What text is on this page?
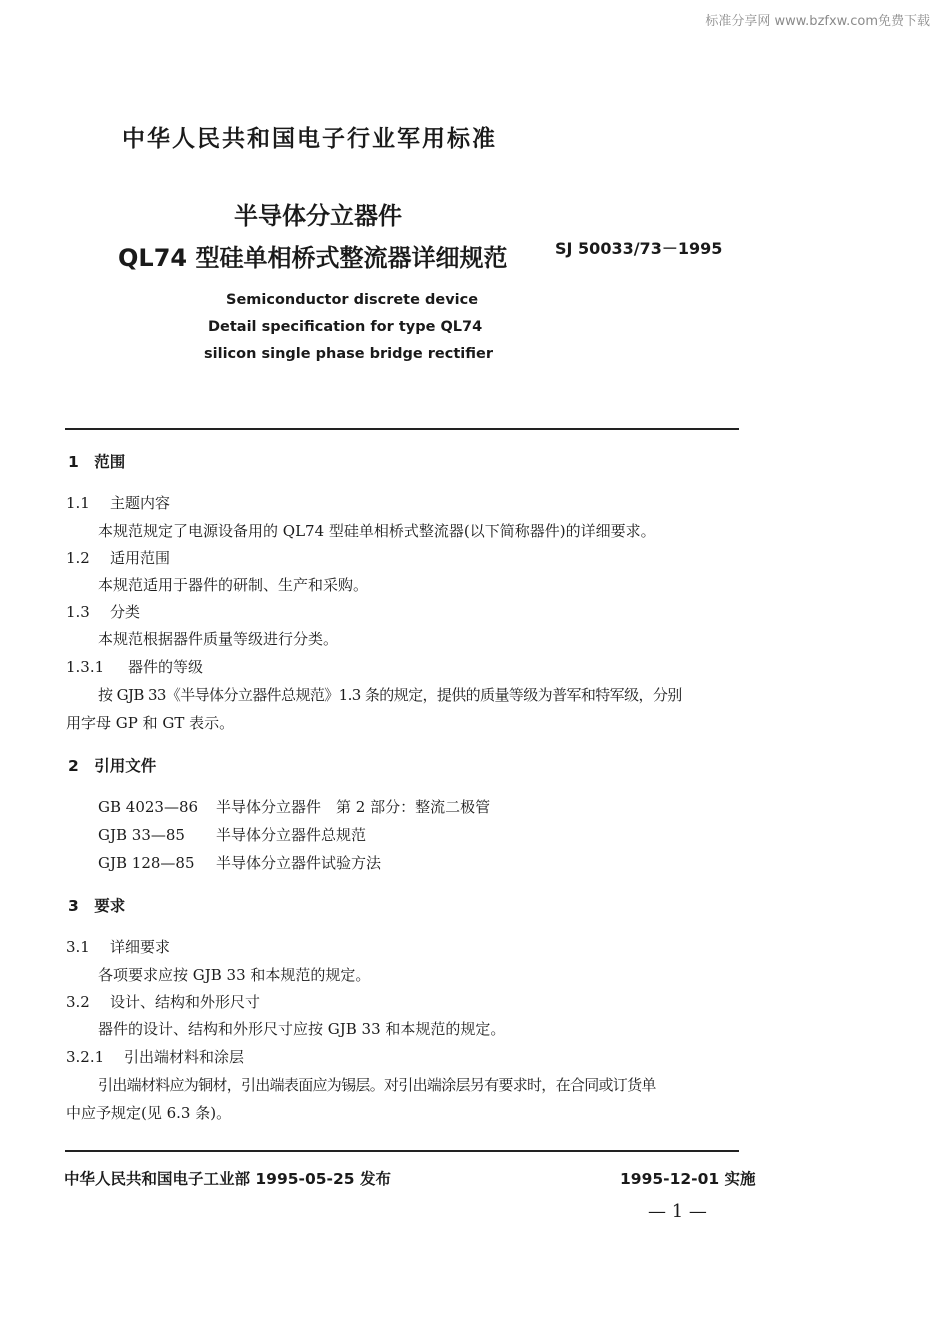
标准分享网 www.bzfxw.com免费下载
中华人民共和国电子行业军用标准
半导体分立器件
QL74 型硅单相桥式整流器详细规范	SJ 50033/73－1995
Semiconductor discrete device
Detail specification for type QL74
silicon single phase bridge rectifier
1　范围
1.1 主题内容
本规范规定了电源设备用的 QL74 型硅单相桥式整流器(以下简称器件)的详细要求。
1.2 适用范围
本规范适用于器件的研制、生产和采购。
1.3 分类
本规范根据器件质量等级进行分类。
1.3.1 器件的等级
按 GJB 33《半导体分立器件总规范》1.3 条的规定，提供的质量等级为普军和特军级，分别
用字母 GP 和 GT 表示。
2　引用文件
GB 4023—86 半导体分立器件　第 2 部分：整流二极管
GJB 33—85 半导体分立器件总规范
GJB 128—85 半导体分立器件试验方法
3　要求
3.1 详细要求
各项要求应按 GJB 33 和本规范的规定。
3.2 设计、结构和外形尺寸
器件的设计、结构和外形尺寸应按 GJB 33 和本规范的规定。
3.2.1 引出端材料和涂层
引出端材料应为铜材，引出端表面应为锡层。对引出端涂层另有要求时，在合同或订货单
中应予规定(见 6.3 条)。
中华人民共和国电子工业部 1995-05-25 发布	1995-12-01 实施
— 1 —
